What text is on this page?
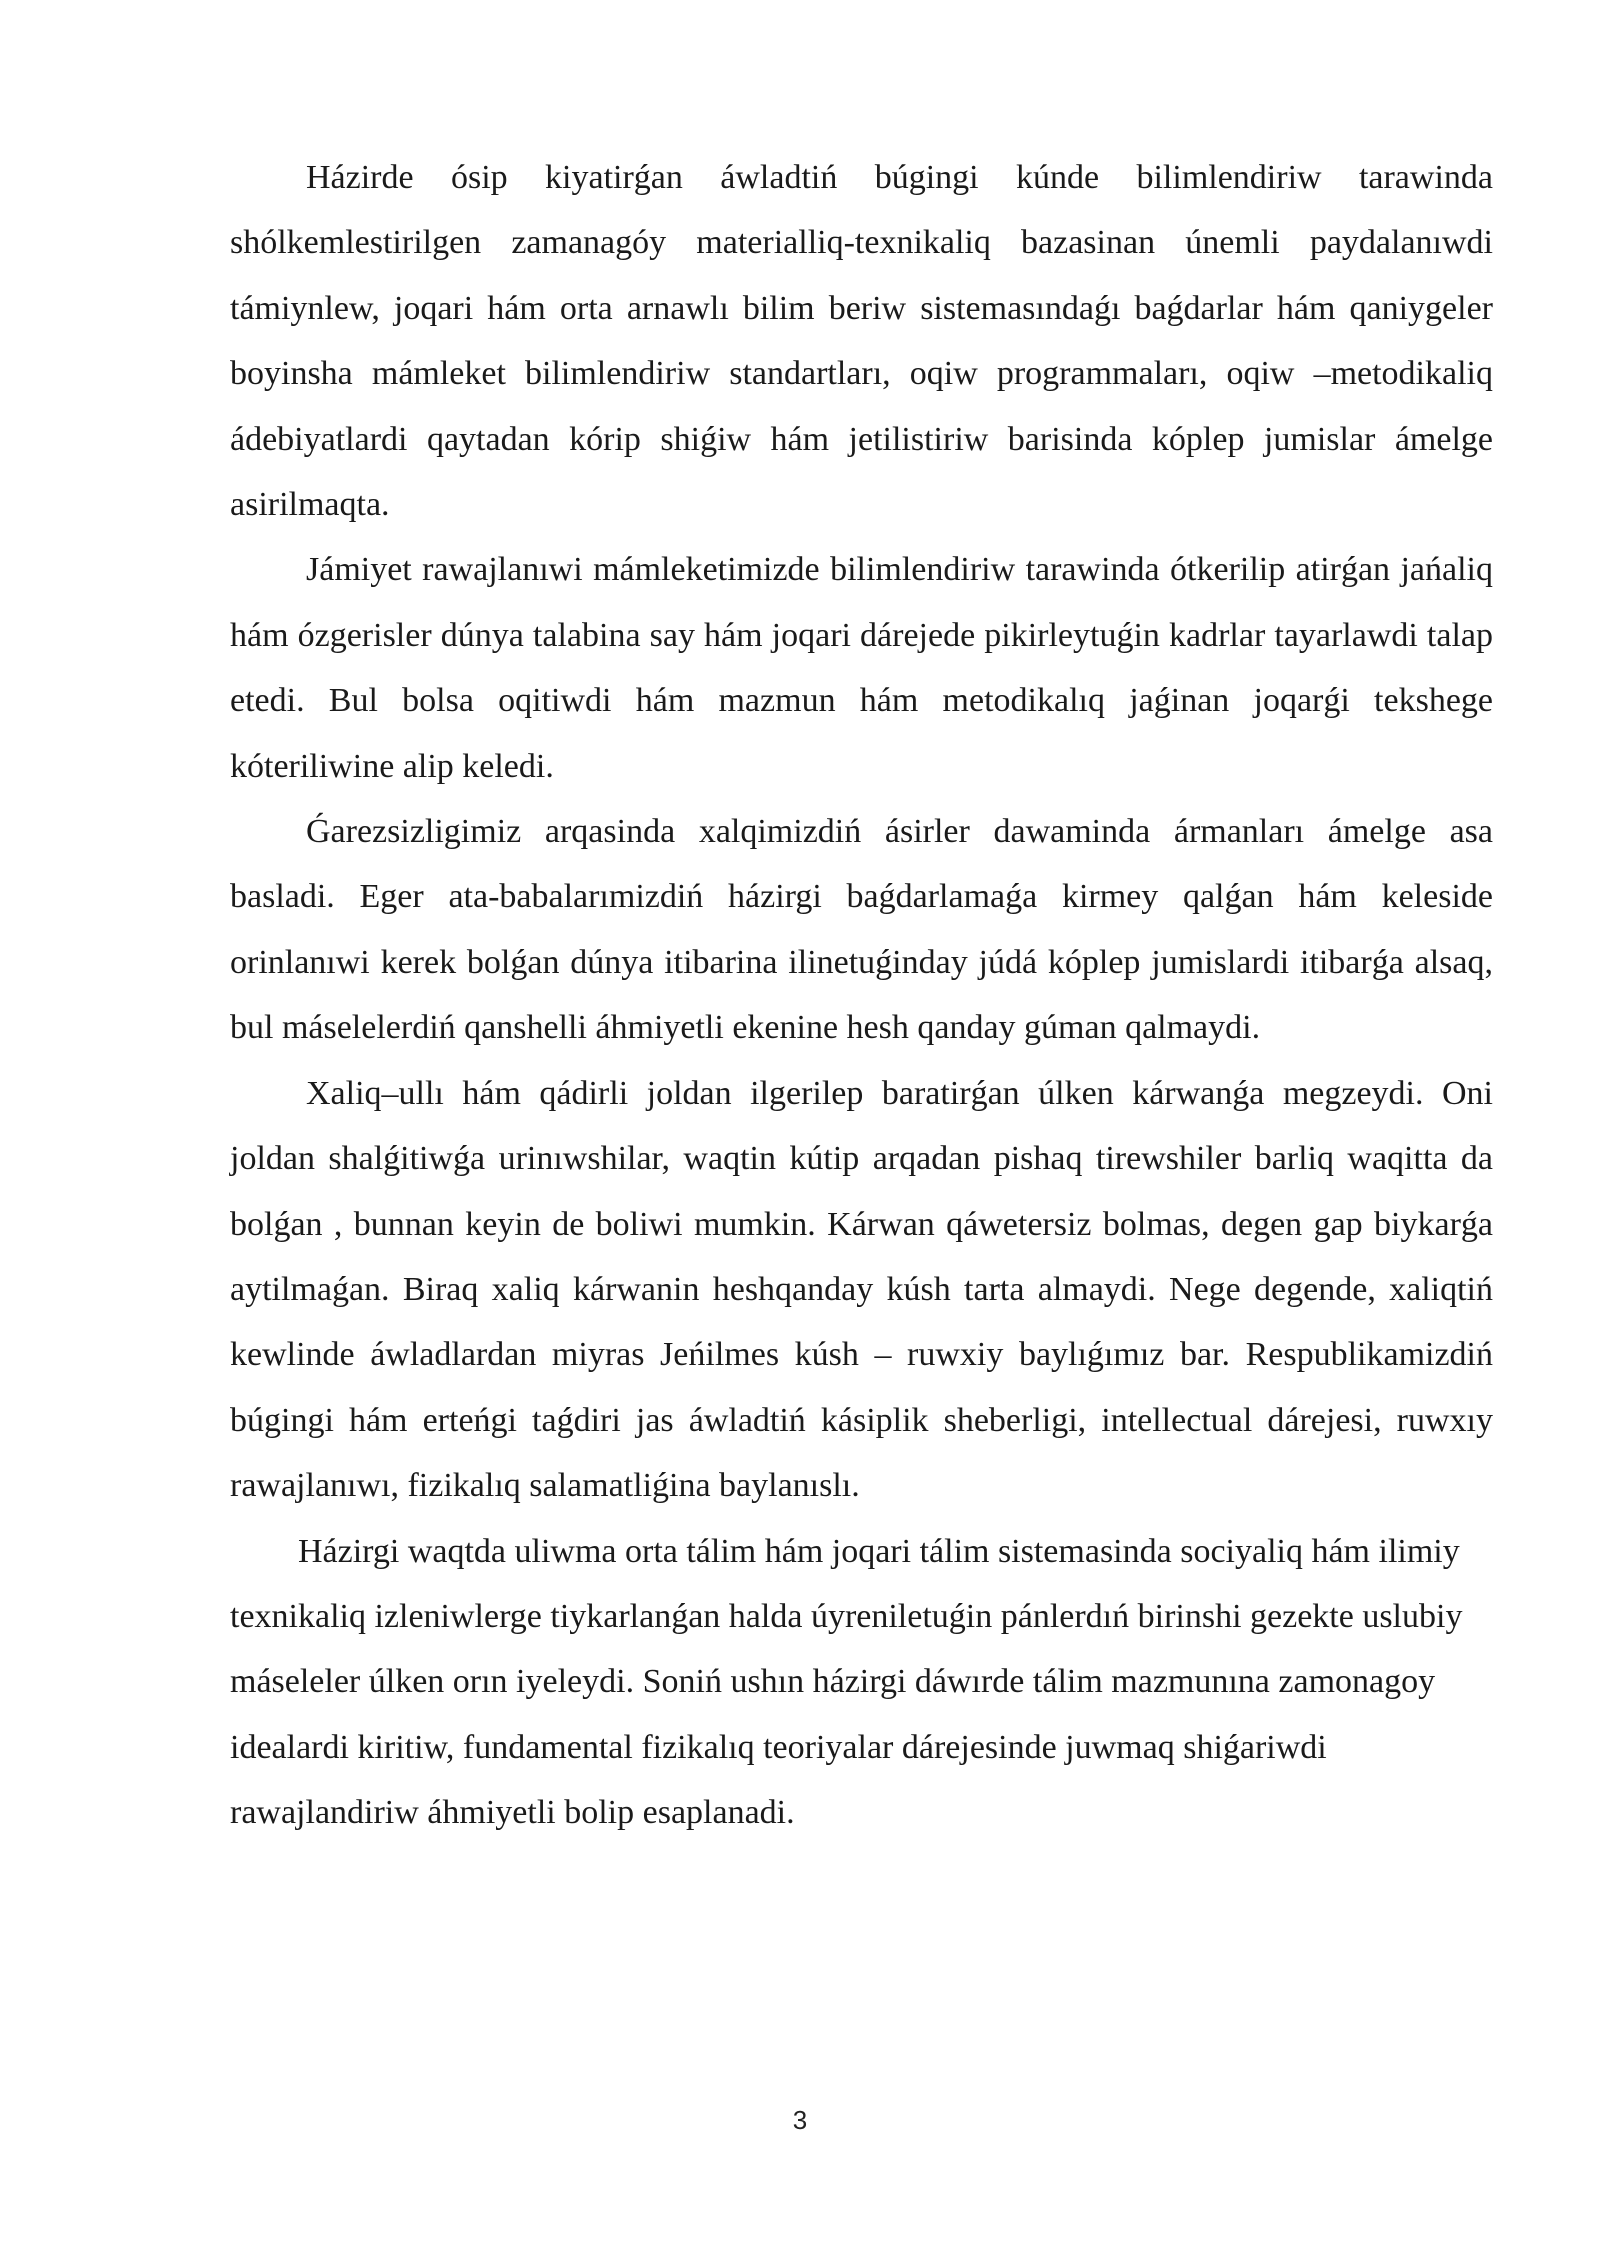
Házirde ósip kiyatirǵan áwladtiń búgingi kúnde bilimlendiriw tarawinda shólkemlestirilgen zamanagóy materialliq-texnikaliq bazasinan únemli paydalanıwdi támiynlew, joqari hám orta arnawlı bilim beriw sistemasındaǵı baǵdarlar hám qaniygeler boyinsha mámleket bilimlendiriw standartları, oqiw programmaları, oqiw –metodikaliq ádebiyatlardi qaytadan kórip shiǵiw hám jetilistiriw barisinda kóplep jumislar ámelge asirilmaqta.

Jámiyet rawajlanıwi mámleketimizde bilimlendiriw tarawinda ótkerilip atirǵan jańaliq hám ózgerisler dúnya talabina say hám joqari dárejede pikirleytuǵin kadrlar tayarlawdi talap etedi. Bul bolsa oqitiwdi hám mazmun hám metodikalıq jaǵinan joqarǵi tekshege kóteriliwine alip keledi.

Ǵarezsizligimiz arqasinda xalqimizdiń ásirler dawaminda ármanları ámelge asa basladi. Eger ata-babalarımizdiń házirgi baǵdarlamaǵa kirmey qalǵan hám keleside orinlanıwi kerek bolǵan dúnya itibarina ilinetuǵinday júdá kóplep jumislardi itibarǵa alsaq, bul máselelerdiń qanshelli áhmiyetli ekenine hesh qanday gúman qalmaydi.

Xaliq–ullı hám qádirli joldan ilgerilep baratirǵan úlken kárwanǵa megzeydi. Oni joldan shalǵitiwǵa urinıwshilar, waqtin kútip arqadan pishaq tirewshiler barliq waqitta da bolǵan , bunnan keyin de boliwi mumkin. Kárwan qáwetersiz bolmas, degen gap biykarǵa aytilmaǵan. Biraq xaliq kárwanin heshqanday kúsh tarta almaydi. Nege degende, xaliqtiń kewlinde áwladlardan miyras Jeńilmes kúsh – ruwxiy baylıǵımız bar. Respublikamizdiń búgingi hám erteńgi taǵdiri jas áwladtiń kásiplik sheberligi, intellectual dárejesi, ruwxıy rawajlanıwı, fizikalıq salamatliǵina baylanıslı.

Házirgi waqtda uliwma orta tálim hám joqari tálim sistemasinda sociyaliq hám ilimiy texnikaliq izleniwlerge tiykarlanǵan halda úyreniletuǵin pánlerdıń birinshi gezekte uslubiy máseleler úlken orın iyeleydi. Soniń ushın házirgi dáwırde tálim mazmunına zamonagoy idealardi kiritiw, fundamental fizikalıq teoriyalar dárejesinde juwmaq shiǵariwdi rawajlandiriw áhmiyetli bolip esaplanadi.

3
